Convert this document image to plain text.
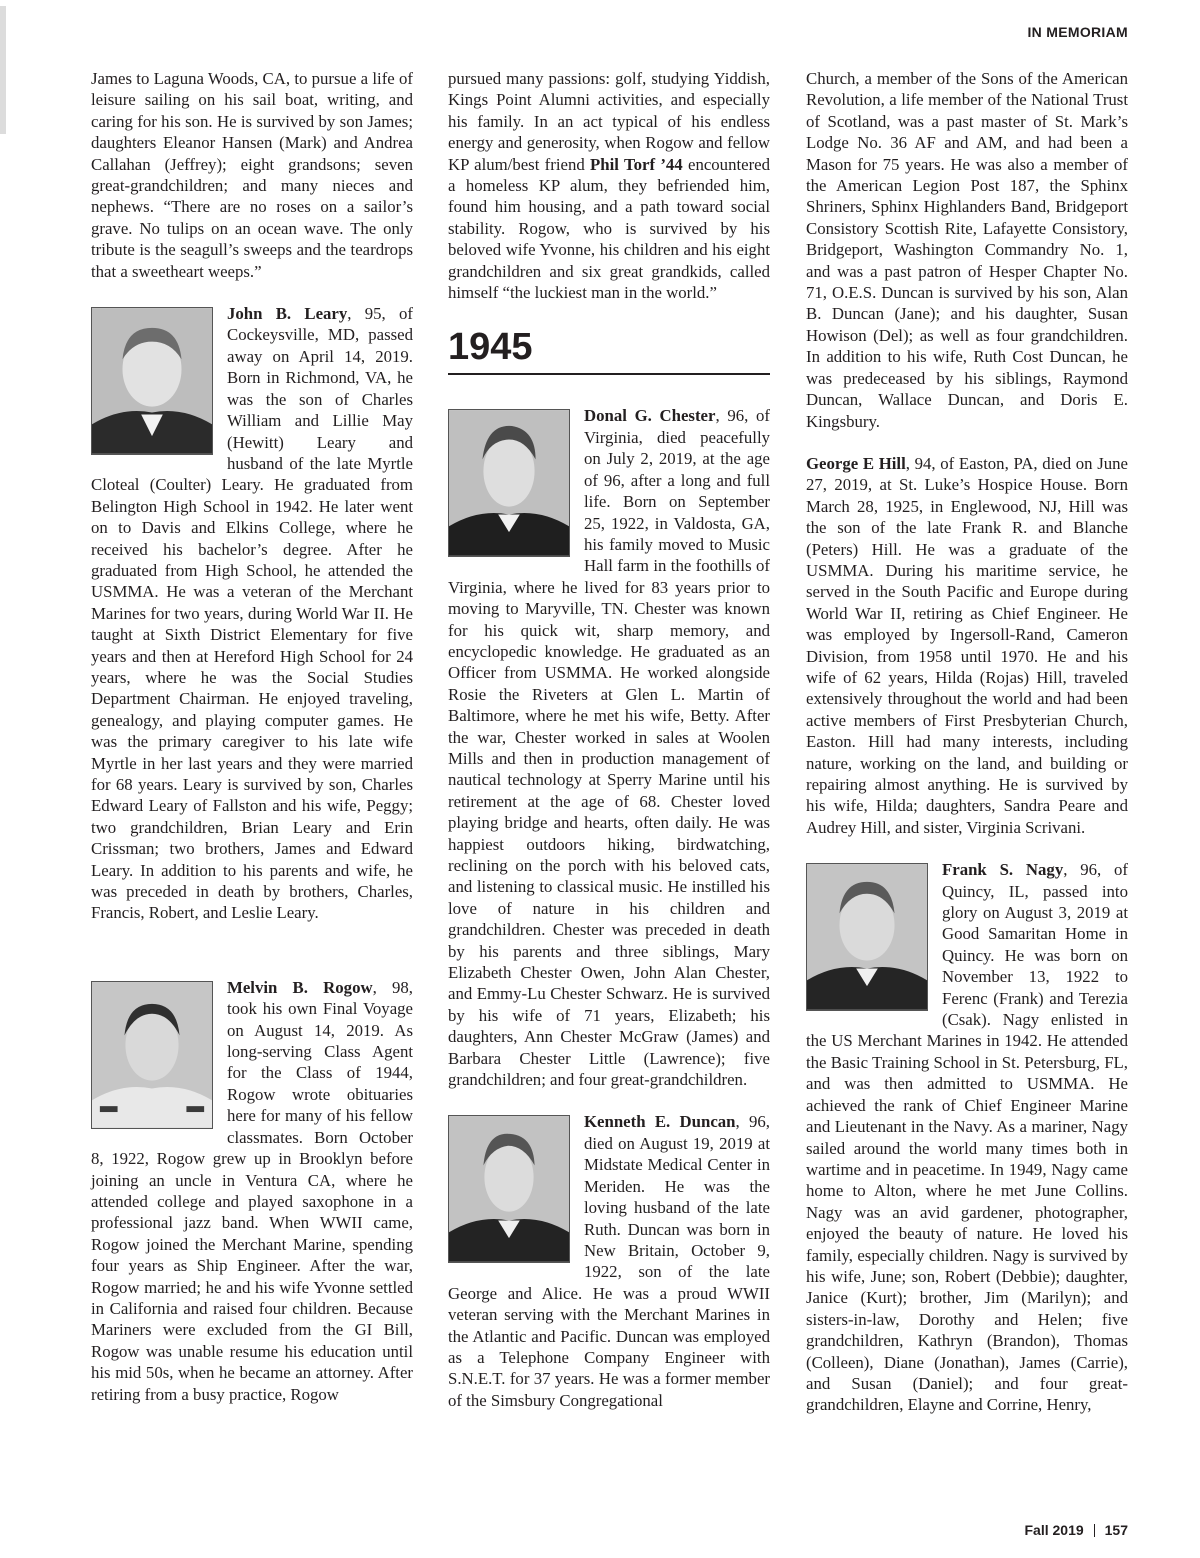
IN MEMORIAM

James to Laguna Woods, CA, to pursue a life of leisure sailing on his sail boat, writing, and caring for his son. He is survived by son James; daughters Eleanor Hansen (Mark) and Andrea Callahan (Jeffrey); eight grandsons; seven great-grandchildren; and many nieces and nephews. “There are no roses on a sailor’s grave. No tulips on an ocean wave. The only tribute is the seagull’s sweeps and the teardrops that a sweetheart weeps.”

John B. Leary, 95, of Cockeysville, MD, passed away on April 14, 2019. Born in Richmond, VA, he was the son of Charles William and Lillie May (Hewitt) Leary and husband of the late Myrtle Cloteal (Coulter) Leary. He graduated from Belington High School in 1942. He later went on to Davis and Elkins College, where he received his bachelor’s degree. After he graduated from High School, he attended the USMMA. He was a veteran of the Merchant Marines for two years, during World War II. He taught at Sixth District Elementary for five years and then at Hereford High School for 24 years, where he was the Social Studies Department Chairman. He enjoyed traveling, genealogy, and playing computer games. He was the primary caregiver to his late wife Myrtle in her last years and they were married for 68 years. Leary is survived by son, Charles Edward Leary of Fallston and his wife, Peggy; two grandchildren, Brian Leary and Erin Crissman; two brothers, James and Edward Leary. In addition to his parents and wife, he was preceded in death by brothers, Charles, Francis, Robert, and Leslie Leary.

Melvin B. Rogow, 98, took his own Final Voyage on August 14, 2019. As long-serving Class Agent for the Class of 1944, Rogow wrote obituaries here for many of his fellow classmates. Born October 8, 1922, Rogow grew up in Brooklyn before joining an uncle in Ventura CA, where he attended college and played saxophone in a professional jazz band. When WWII came, Rogow joined the Merchant Marine, spending four years as Ship Engineer. After the war, Rogow married; he and his wife Yvonne settled in California and raised four children. Because Mariners were excluded from the GI Bill, Rogow was unable resume his education until his mid 50s, when he became an attorney. After retiring from a busy practice, Rogow

pursued many passions: golf, studying Yiddish, Kings Point Alumni activities, and especially his family. In an act typical of his endless energy and generosity, when Rogow and fellow KP alum/best friend Phil Torf ’44 encountered a homeless KP alum, they befriended him, found him housing, and a path toward social stability. Rogow, who is survived by his beloved wife Yvonne, his children and his eight grandchildren and six great grandkids, called himself “the luckiest man in the world.”

1945

Donal G. Chester, 96, of Virginia, died peacefully on July 2, 2019, at the age of 96, after a long and full life. Born on September 25, 1922, in Valdosta, GA, his family moved to Music Hall farm in the foothills of Virginia, where he lived for 83 years prior to moving to Maryville, TN. Chester was known for his quick wit, sharp memory, and encyclopedic knowledge. He graduated as an Officer from USMMA. He worked alongside Rosie the Riveters at Glen L. Martin of Baltimore, where he met his wife, Betty. After the war, Chester worked in sales at Woolen Mills and then in production management of nautical technology at Sperry Marine until his retirement at the age of 68. Chester loved playing bridge and hearts, often daily. He was happiest outdoors hiking, birdwatching, reclining on the porch with his beloved cats, and listening to classical music. He instilled his love of nature in his children and grandchildren. Chester was preceded in death by his parents and three siblings, Mary Elizabeth Chester Owen, John Alan Chester, and Emmy-Lu Chester Schwarz. He is survived by his wife of 71 years, Elizabeth; his daughters, Ann Chester McGraw (James) and Barbara Chester Little (Lawrence); five grandchildren; and four great-grandchildren.

Kenneth E. Duncan, 96, died on August 19, 2019 at Midstate Medical Center in Meriden. He was the loving husband of the late Ruth. Duncan was born in New Britain, October 9, 1922, son of the late George and Alice. He was a proud WWII veteran serving with the Merchant Marines in the Atlantic and Pacific. Duncan was employed as a Telephone Company Engineer with S.N.E.T. for 37 years. He was a former member of the Simsbury Congregational

Church, a member of the Sons of the American Revolution, a life member of the National Trust of Scotland, was a past master of St. Mark’s Lodge No. 36 AF and AM, and had been a Mason for 75 years. He was also a member of the American Legion Post 187, the Sphinx Shriners, Sphinx Highlanders Band, Bridgeport Consistory Scottish Rite, Lafayette Consistory, Bridgeport, Washington Commandry No. 1, and was a past patron of Hesper Chapter No. 71, O.E.S. Duncan is survived by his son, Alan B. Duncan (Jane); and his daughter, Susan Howison (Del); as well as four grandchildren. In addition to his wife, Ruth Cost Duncan, he was predeceased by his siblings, Raymond Duncan, Wallace Duncan, and Doris E. Kingsbury.

George E Hill, 94, of Easton, PA, died on June 27, 2019, at St. Luke’s Hospice House. Born March 28, 1925, in Englewood, NJ, Hill was the son of the late Frank R. and Blanche (Peters) Hill. He was a graduate of the USMMA. During his maritime service, he served in the South Pacific and Europe during World War II, retiring as Chief Engineer. He was employed by Ingersoll-Rand, Cameron Division, from 1958 until 1970. He and his wife of 62 years, Hilda (Rojas) Hill, traveled extensively throughout the world and had been active members of First Presbyterian Church, Easton. Hill had many interests, including nature, working on the land, and building or repairing almost anything. He is survived by his wife, Hilda; daughters, Sandra Peare and Audrey Hill, and sister, Virginia Scrivani.

Frank S. Nagy, 96, of Quincy, IL, passed into glory on August 3, 2019 at Good Samaritan Home in Quincy. He was born on November 13, 1922 to Ferenc (Frank) and Terezia (Csak). Nagy enlisted in the US Merchant Marines in 1942. He attended the Basic Training School in St. Petersburg, FL, and was then admitted to USMMA. He achieved the rank of Chief Engineer Marine and Lieutenant in the Navy. As a mariner, Nagy sailed around the world many times both in wartime and in peacetime. In 1949, Nagy came home to Alton, where he met June Collins. Nagy was an avid gardener, photographer, enjoyed the beauty of nature. He loved his family, especially children. Nagy is survived by his wife, June; son, Robert (Debbie); daughter, Janice (Kurt); brother, Jim (Marilyn); and sisters-in-law, Dorothy and Helen; five grandchildren, Kathryn (Brandon), Thomas (Colleen), Diane (Jonathan), James (Carrie), and Susan (Daniel); and four great-grandchildren, Elayne and Corrine, Henry,

Fall 2019 157
